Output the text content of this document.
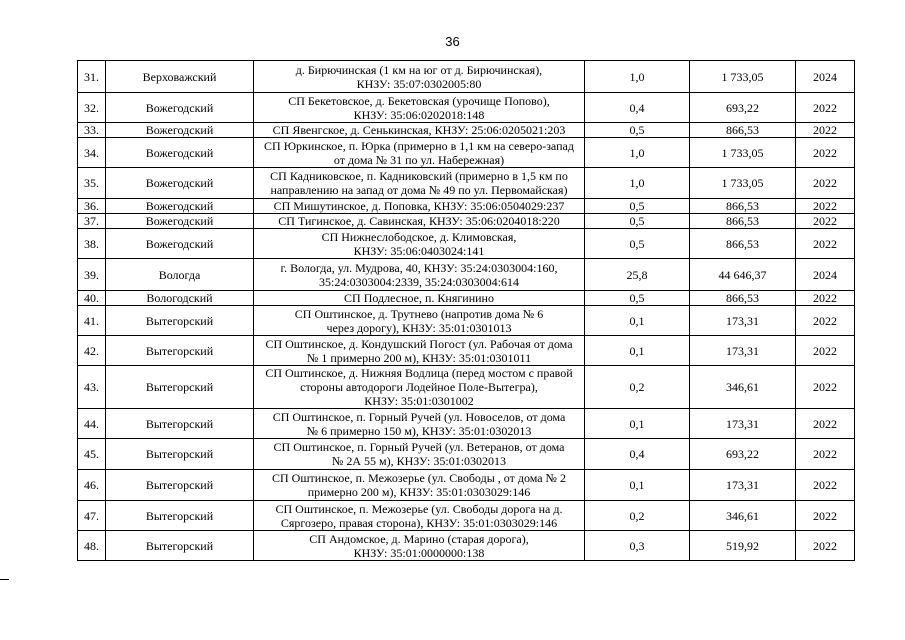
36
31.	Верховажский	д. Бирючинская (1 км на юг от д. Бирючинская),
КНЗУ: 35:07:0302005:80	1,0	1 733,05	2024
32.	Вожегодский	СП Бекетовское, д. Бекетовская (урочище Попово),
КНЗУ: 35:06:0202018:148	0,4	693,22	2022
33.	Вожегодский	СП Явенгское, д. Сенькинская, КНЗУ: 25:06:0205021:203	0,5	866,53	2022
34.	Вожегодский	СП Юркинское, п. Юрка (примерно в 1,1 км на северо-запад
от дома № 31 по ул. Набережная)	1,0	1 733,05	2022
35.	Вожегодский	СП Кадниковское, п. Кадниковский (примерно в 1,5 км по
направлению на запад от дома № 49 по ул. Первомайская)	1,0	1 733,05	2022
36.	Вожегодский	СП Мишутинское, д. Поповка, КНЗУ: 35:06:0504029:237	0,5	866,53	2022
37.	Вожегодский	СП Тигинское, д. Савинская, КНЗУ: 35:06:0204018:220	0,5	866,53	2022
38.	Вожегодский	СП Нижнеслободское, д. Климовская,
КНЗУ: 35:06:0403024:141	0,5	866,53	2022
39.	Вологда	г. Вологда, ул. Мудрова, 40, КНЗУ: 35:24:0303004:160,
35:24:0303004:2339, 35:24:0303004:614	25,8	44 646,37	2024
40.	Вологодский	СП Подлесное, п. Княгинино	0,5	866,53	2022
41.	Вытегорский	СП Оштинское, д. Трутнево (напротив дома № 6
через дорогу), КНЗУ: 35:01:0301013	0,1	173,31	2022
42.	Вытегорский	СП Оштинское, д. Кондушский Погост (ул. Рабочая от дома
№ 1 примерно 200 м), КНЗУ: 35:01:0301011	0,1	173,31	2022
43.	Вытегорский	СП Оштинское, д. Нижняя Водлица (перед мостом с правой
стороны автодороги Лодейное Поле-Вытегра),
КНЗУ: 35:01:0301002	0,2	346,61	2022
44.	Вытегорский	СП Оштинское, п. Горный Ручей (ул. Новоселов, от дома
№ 6 примерно 150 м), КНЗУ: 35:01:0302013	0,1	173,31	2022
45.	Вытегорский	СП Оштинское, п. Горный Ручей (ул. Ветеранов, от дома
№ 2А 55 м), КНЗУ: 35:01:0302013	0,4	693,22	2022
46.	Вытегорский	СП Оштинское, п. Межозерье (ул. Свободы , от дома № 2
примерно 200 м), КНЗУ: 35:01:0303029:146	0,1	173,31	2022
47.	Вытегорский	СП Оштинское, п. Межозерье (ул. Свободы дорога на д.
Сяргозеро, правая сторона), КНЗУ: 35:01:0303029:146	0,2	346,61	2022
48.	Вытегорский	СП Андомское, д. Марино (старая дорога),
КНЗУ: 35:01:0000000:138	0,3	519,92	2022
